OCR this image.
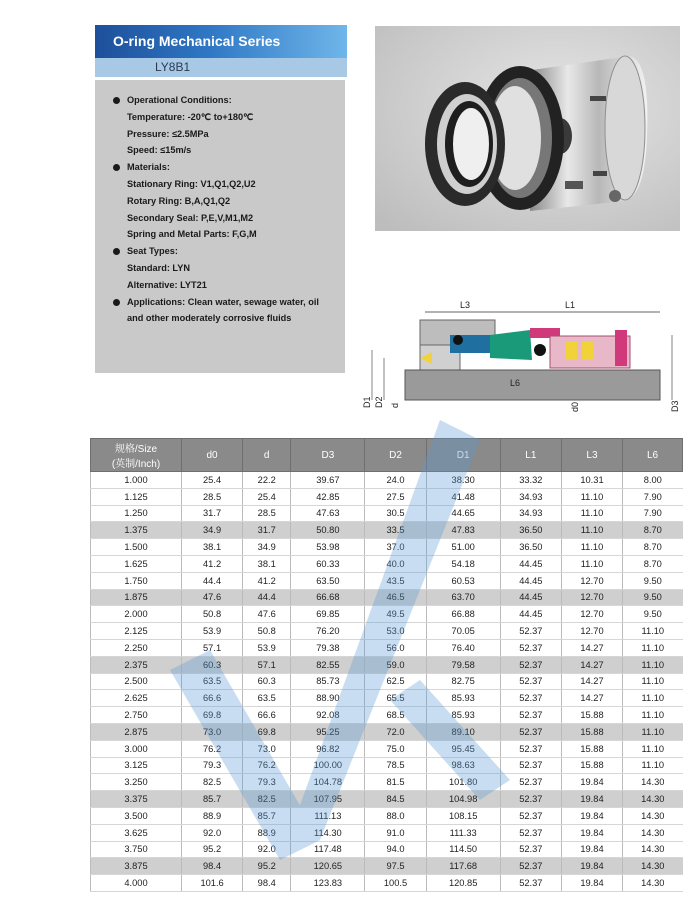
O-ring Mechanical Series
LY8B1
Operational Conditions:
Temperature: -20℃ to+180℃
Pressure: ≤2.5MPa
Speed: ≤15m/s
Materials:
Stationary Ring: V1,Q1,Q2,U2
Rotary Ring: B,A,Q1,Q2
Secondary Seal: P,E,V,M1,M2
Spring and Metal Parts: F,G,M
Seat Types:
Standard: LYN
Alternative: LYT21
Applications: Clean water, sewage water, oil
and other moderately corrosive fluids
L3	L1
D1 D2 d
L6
d0	D3
规格/Size
(英制/Inch)	d0	d	D3	D2	D1	L1	L3	L6
1.000	25.4	22.2	39.67	24.0	38.30	33.32	10.31	8.00
1.125	28.5	25.4	42.85	27.5	41.48	34.93	11.10	7.90
1.250	31.7	28.5	47.63	30.5	44.65	34.93	11.10	7.90
1.375	34.9	31.7	50.80	33.5	47.83	36.50	11.10	8.70
1.500	38.1	34.9	53.98	37.0	51.00	36.50	11.10	8.70
1.625	41.2	38.1	60.33	40.0	54.18	44.45	11.10	8.70
1.750	44.4	41.2	63.50	43.5	60.53	44.45	12.70	9.50
1.875	47.6	44.4	66.68	46.5	63.70	44.45	12.70	9.50
2.000	50.8	47.6	69.85	49.5	66.88	44.45	12.70	9.50
2.125	53.9	50.8	76.20	53.0	70.05	52.37	12.70	11.10
2.250	57.1	53.9	79.38	56.0	76.40	52.37	14.27	11.10
2.375	60.3	57.1	82.55	59.0	79.58	52.37	14.27	11.10
2.500	63.5	60.3	85.73	62.5	82.75	52.37	14.27	11.10
2.625	66.6	63.5	88.90	65.5	85.93	52.37	14.27	11.10
2.750	69.8	66.6	92.08	68.5	85.93	52.37	15.88	11.10
2.875	73.0	69.8	95.25	72.0	89.10	52.37	15.88	11.10
3.000	76.2	73.0	96.82	75.0	95.45	52.37	15.88	11.10
3.125	79.3	76.2	100.00	78.5	98.63	52.37	15.88	11.10
3.250	82.5	79.3	104.78	81.5	101.80	52.37	19.84	14.30
3.375	85.7	82.5	107.95	84.5	104.98	52.37	19.84	14.30
3.500	88.9	85.7	111.13	88.0	108.15	52.37	19.84	14.30
3.625	92.0	88.9	114.30	91.0	111.33	52.37	19.84	14.30
3.750	95.2	92.0	117.48	94.0	114.50	52.37	19.84	14.30
3.875	98.4	95.2	120.65	97.5	117.68	52.37	19.84	14.30
4.000	101.6	98.4	123.83	100.5	120.85	52.37	19.84	14.30
